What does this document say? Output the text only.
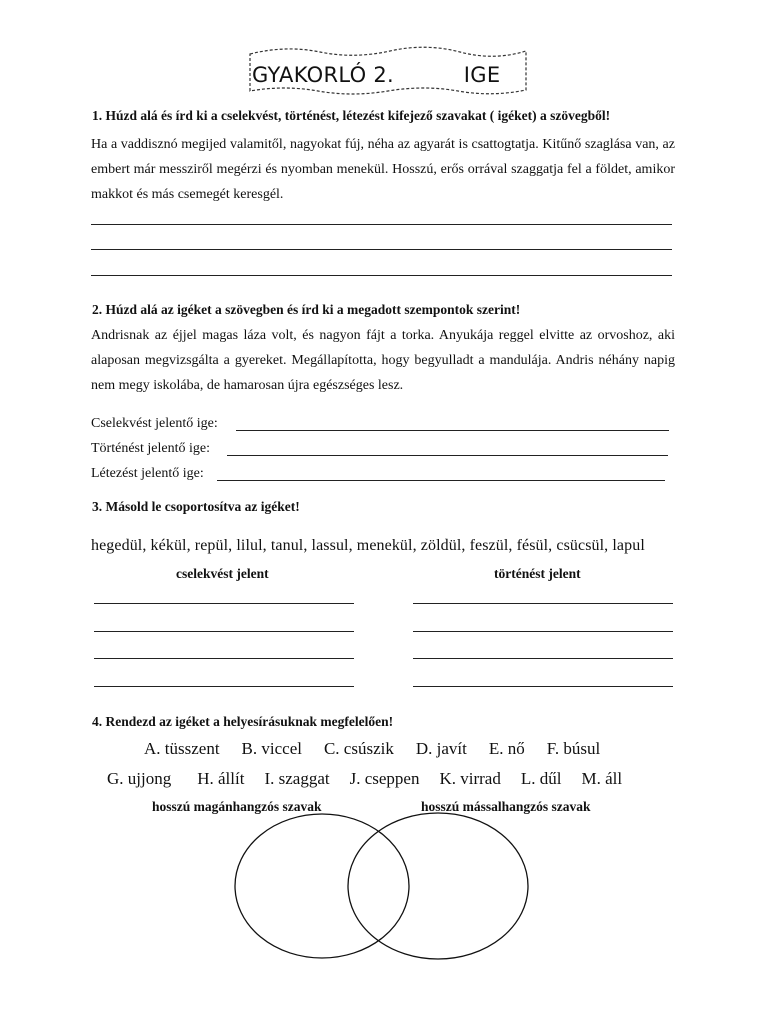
GYAKORLÓ 2.	IGE
1. Húzd alá és írd ki a cselekvést, történést, létezést kifejező szavakat ( igéket) a szövegből!
Ha a vaddisznó megijed valamitől, nagyokat fúj, néha az agyarát is csattogtatja. Kitűnő szaglása van, az embert már messziről megérzi és nyomban menekül. Hosszú, erős orrával szaggatja fel a földet, amikor makkot és más csemegét keresgél.
2. Húzd alá az igéket a szövegben és írd ki a megadott szempontok szerint!
Andrisnak az éjjel magas láza volt, és nagyon fájt a torka. Anyukája reggel elvitte az orvoshoz, aki alaposan megvizsgálta a gyereket. Megállapította, hogy begyulladt a mandulája. Andris néhány napig nem megy iskolába, de hamarosan újra egészséges lesz.
Cselekvést jelentő ige:
Történést jelentő ige:
Létezést jelentő ige:
3. Másold le csoportosítva az igéket!
hegedül, kékül, repül, lilul, tanul, lassul, menekül, zöldül, feszül, fésül, csücsül, lapul
cselekvést jelent	történést jelent
4. Rendezd az igéket a helyesírásuknak megfelelően!
A. tüsszent B. viccel C. csúszik D. javít E. nő F. búsul
G. ujjong H. állít I. szaggat J. cseppen K. virrad L. dűl M. áll
hosszú magánhangzós szavak	hosszú mássalhangzós szavak
